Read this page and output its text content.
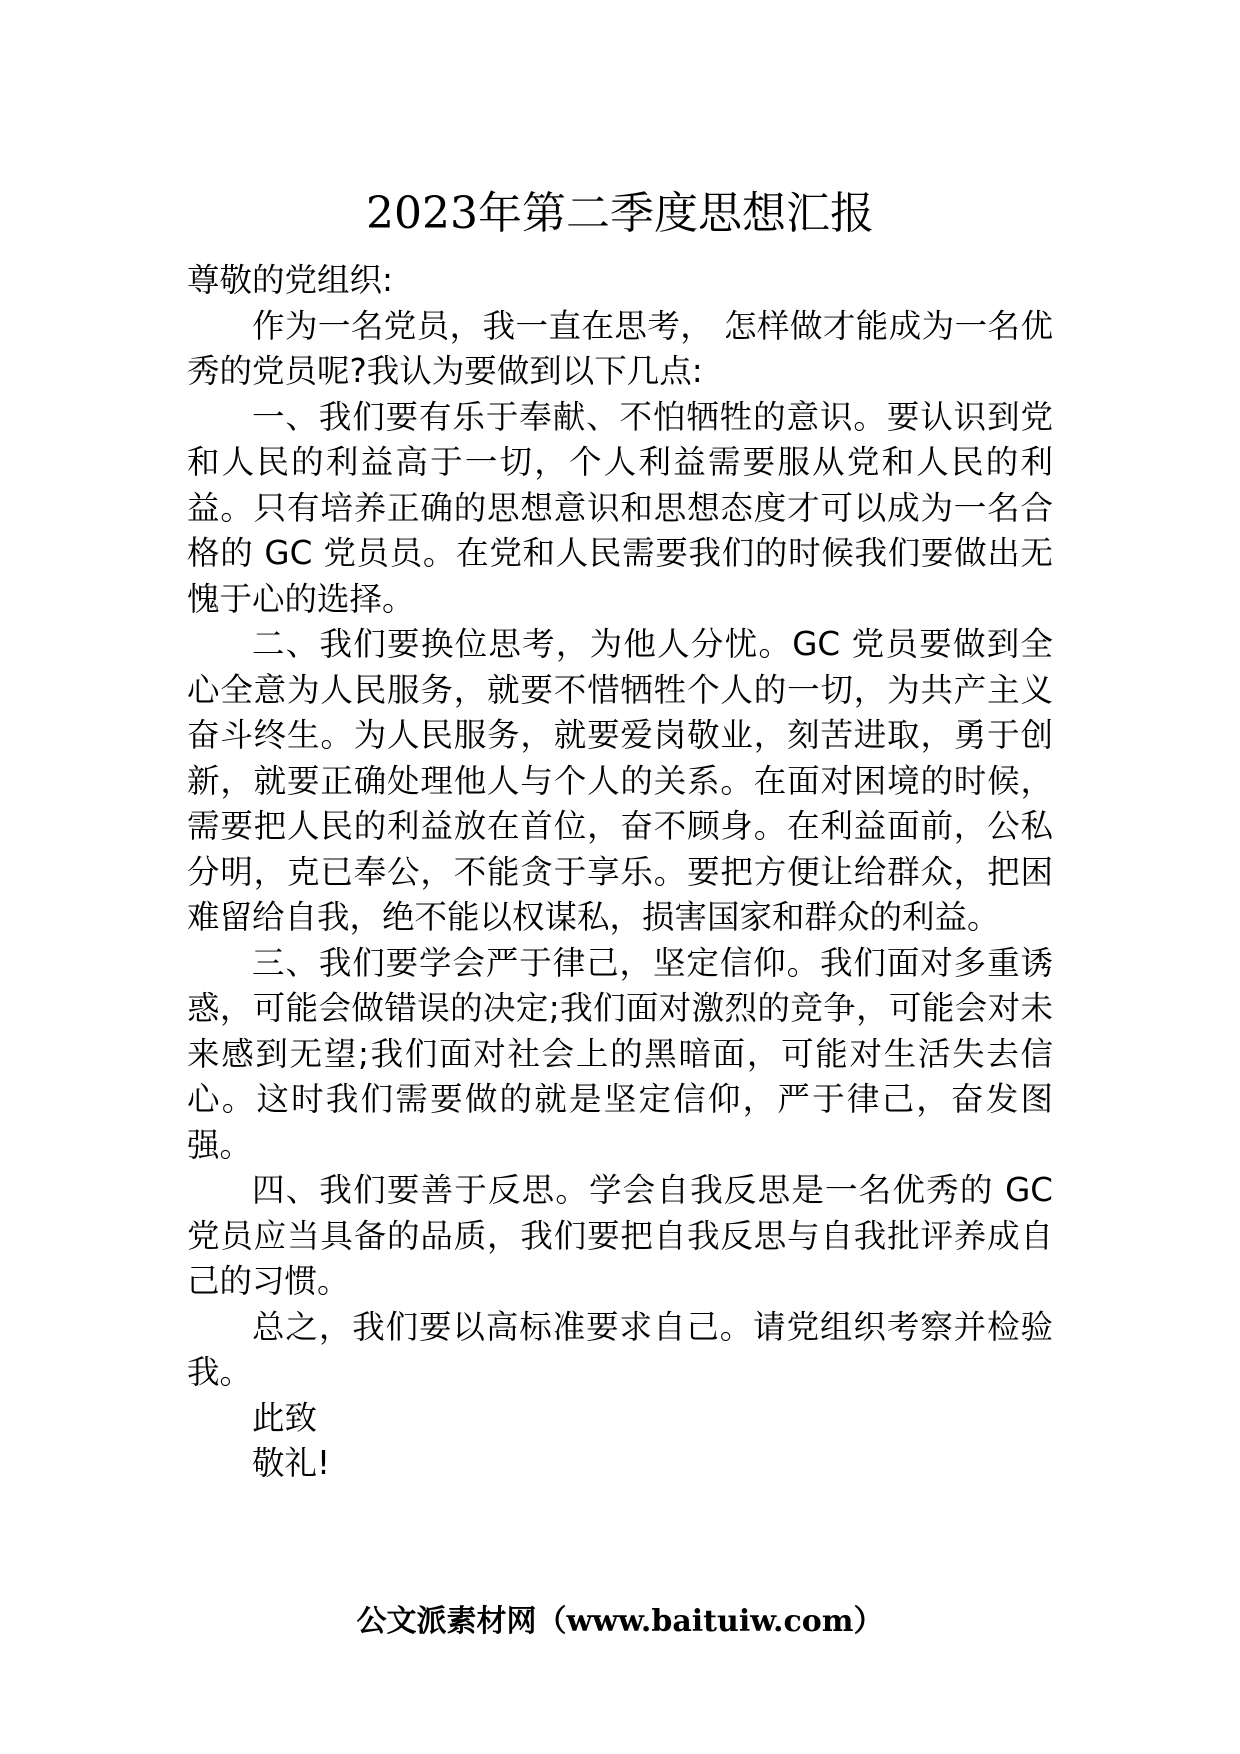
2023年第二季度思想汇报

尊敬的党组织:

作为一名党员，我一直在思考， 怎样做才能成为一名优秀的党员呢?我认为要做到以下几点:

一、我们要有乐于奉献、不怕牺牲的意识。要认识到党和人民的利益高于一切，个人利益需要服从党和人民的利益。只有培养正确的思想意识和思想态度才可以成为一名合格的 GC 党员员。在党和人民需要我们的时候我们要做出无愧于心的选择。

二、我们要换位思考，为他人分忧。GC 党员要做到全心全意为人民服务，就要不惜牺牲个人的一切，为共产主义奋斗终生。为人民服务，就要爱岗敬业，刻苦进取，勇于创新，就要正确处理他人与个人的关系。在面对困境的时候，需要把人民的利益放在首位，奋不顾身。在利益面前，公私分明，克已奉公，不能贪于享乐。要把方便让给群众，把困难留给自我，绝不能以权谋私，损害国家和群众的利益。

三、我们要学会严于律己，坚定信仰。我们面对多重诱惑，可能会做错误的决定;我们面对激烈的竞争，可能会对未来感到无望;我们面对社会上的黑暗面，可能对生活失去信心。这时我们需要做的就是坚定信仰，严于律己，奋发图强。

四、我们要善于反思。学会自我反思是一名优秀的 GC 党员应当具备的品质，我们要把自我反思与自我批评养成自己的习惯。

总之，我们要以高标准要求自己。请党组织考察并检验我。

此致

敬礼!

公文派素材网（www.baituiw.com）
